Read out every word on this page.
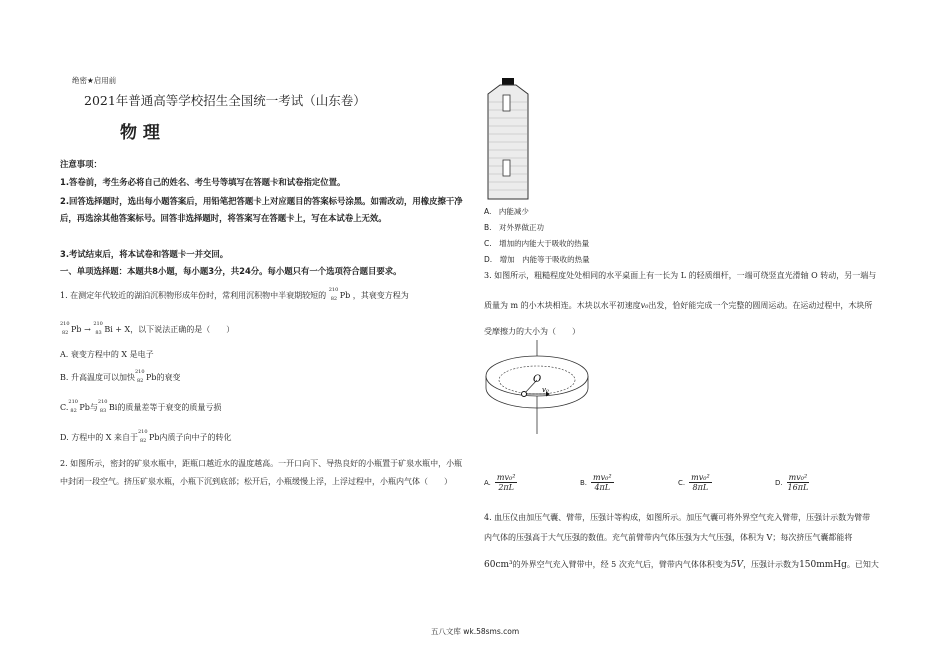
绝密★启用前
2021年普通高等学校招生全国统一考试（山东卷）
物 理
注意事项：
1.答卷前，考生务必将自己的姓名、考生号等填写在答题卡和试卷指定位置。
2.回答选择题时，选出每小题答案后，用铅笔把答题卡上对应题目的答案标号涂黑。如需改动，用橡皮擦干净后，再选涂其他答案标号。回答非选择题时，将答案写在答题卡上，写在本试卷上无效。
3.考试结束后，将本试卷和答题卡一并交回。
一、单项选择题：本题共8小题，每小题3分，共24分。每小题只有一个选项符合题目要求。
1. 在测定年代较近的湖泊沉积物形成年份时，常利用沉积物中半衰期较短的
210
82 Pb ，其衰变方程为
210
82 Pb →
210
83 Bi + X，以下说法正确的是（　　）
A. 衰变方程中的 X 是电子
B. 升高温度可以加快
210
82 Pb的衰变
C.
210
82 Pb与
210
83 Bi的质量差等于衰变的质量亏损
D. 方程中的 X 来自于
210
82 Pb内质子向中子的转化
2. 如图所示，密封的矿泉水瓶中，距瓶口越近水的温度越高。一开口向下、导热良好的小瓶置于矿泉水瓶中，小瓶中封闭一段空气。挤压矿泉水瓶，小瓶下沉到底部；松开后，小瓶缓慢上浮，上浮过程中，小瓶内气体（　　）
A.　内能减少
B.　对外界做正功
C.　增加的内能大于吸收的热量
D.　增加　内能等于吸收的热量
3. 如图所示，粗糙程度处处相同的水平桌面上有一长为 L 的轻质细杆，一端可绕竖直光滑轴 O 转动，另一端与
质量为 m 的小木块相连。木块以水平初速度v₀出发，恰好能完成一个完整的圆周运动。在运动过程中，木块所
受摩擦力的大小为（　　）
O
v₀
A. $\frac{\text{mv₀²}}{2\pi L}$	B. $\frac{\text{mv₀²}}{4\pi L}$	C. $\frac{\text{mv₀²}}{8\pi L}$	D. $\frac{\text{mv₀²}}{16\pi L}$
4. 血压仪由加压气囊、臂带，压强计等构成，如图所示。加压气囊可将外界空气充入臂带，压强计示数为臂带
内气体的压强高于大气压强的数值。充气前臂带内气体压强为大气压强，体积为 V；每次挤压气囊都能将
60cm³的外界空气充入臂带中，经 5 次充气后，臂带内气体体积变为5V，压强计示数为150mmHg。已知大
五八文库 wk.58sms.com
